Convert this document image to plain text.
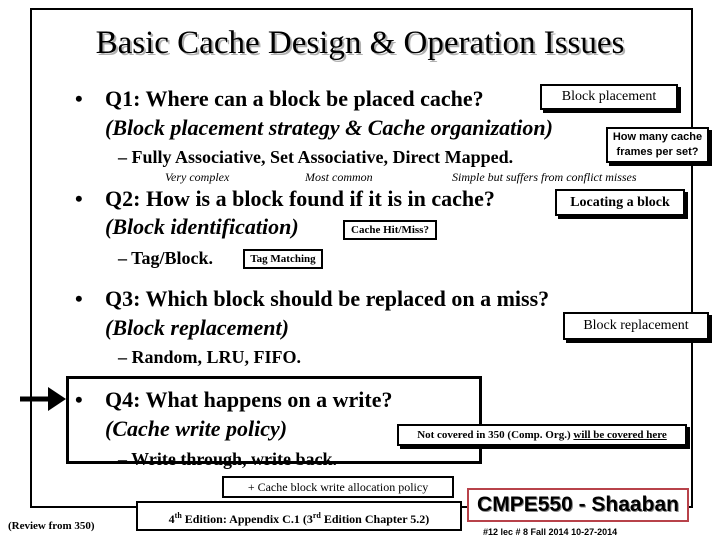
Basic Cache Design & Operation Issues
• Q1: Where can a block be placed cache?
(Block placement strategy & Cache organization)
Block placement
How many cache frames per set?
– Fully Associative, Set Associative, Direct Mapped.
Very complex	Most common	Simple but suffers from conflict misses
• Q2: How is a block found if it is in cache?
(Block identification)
Locating a block
Cache Hit/Miss?
– Tag/Block.	Tag Matching
• Q3: Which block should be replaced on a miss?
(Block replacement)	Block replacement
– Random, LRU, FIFO.
• Q4: What happens on a write?
(Cache write policy)	Not covered in 350 (Comp. Org.) will be covered here
– Write through, write back.
+ Cache block write allocation policy
(Review from 350)	4th Edition: Appendix C.1 (3rd Edition Chapter 5.2)
CMPE550 - Shaaban
#12 lec # 8 Fall 2014 10-27-2014
